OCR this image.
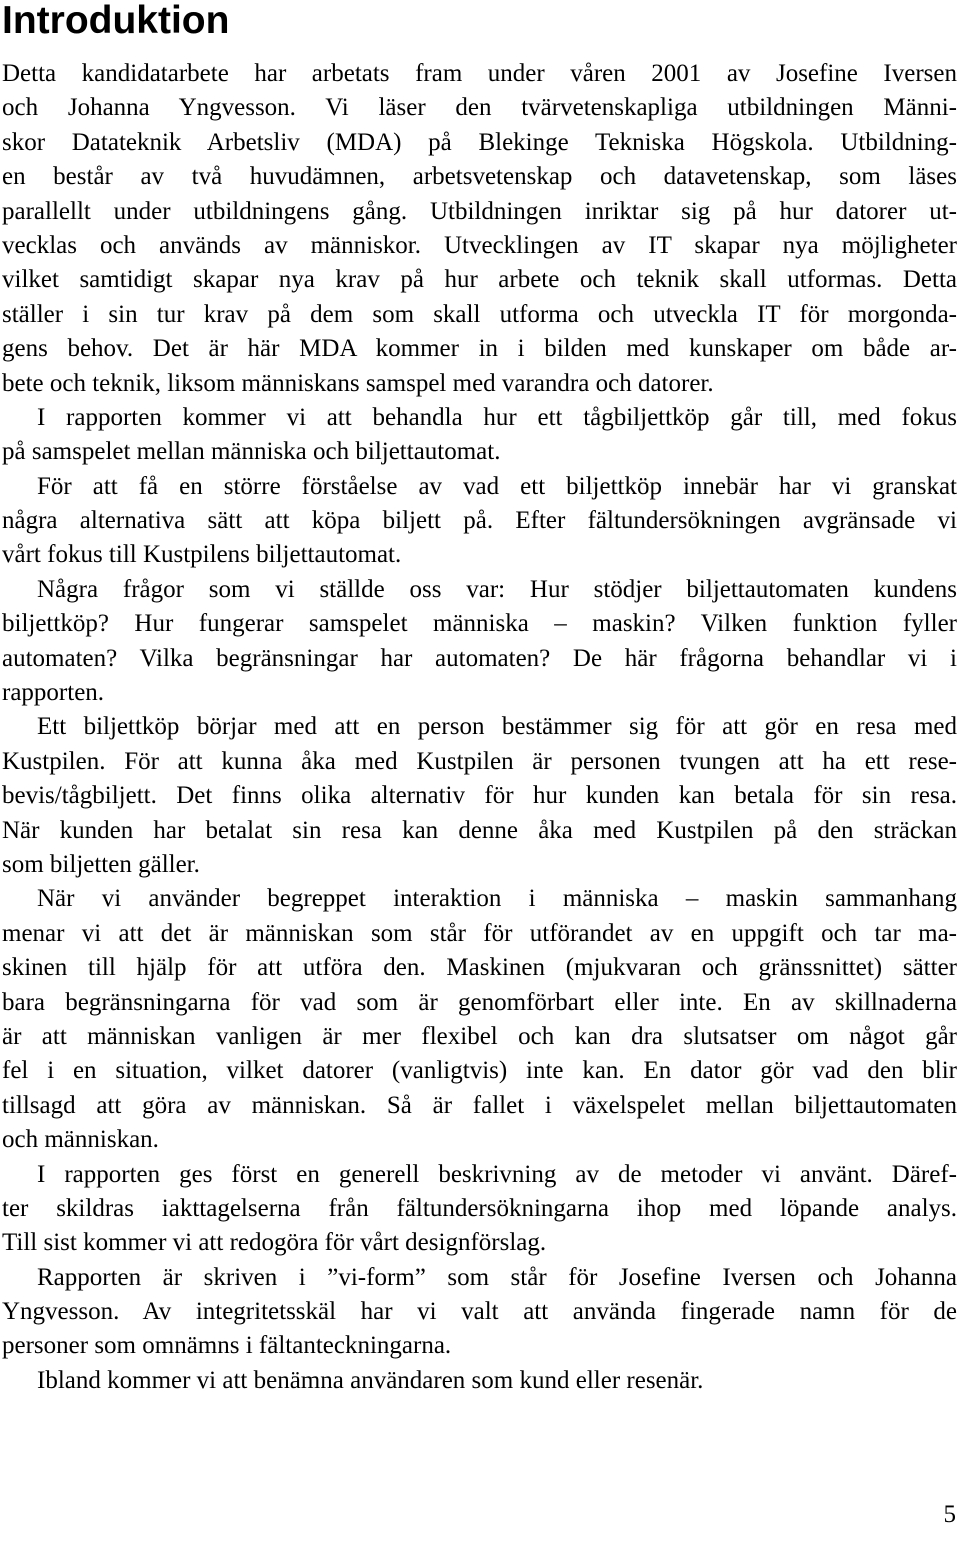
Introduktion
Detta kandidatarbete har arbetats fram under våren 2001 av Josefine Iversen
och Johanna Yngvesson. Vi läser den tvärvetenskapliga utbildningen Männi-
skor Datateknik Arbetsliv (MDA) på Blekinge Tekniska Högskola. Utbildning-
en består av två huvudämnen, arbetsvetenskap och datavetenskap, som läses
parallellt under utbildningens gång. Utbildningen inriktar sig på hur datorer ut-
vecklas och används av människor. Utvecklingen av IT skapar nya möjligheter
vilket samtidigt skapar nya krav på hur arbete och teknik skall utformas. Detta
ställer i sin tur krav på dem som skall utforma och utveckla IT för morgonda-
gens behov. Det är här MDA kommer in i bilden med kunskaper om både ar-
bete och teknik, liksom människans samspel med varandra och datorer.
I rapporten kommer vi att behandla hur ett tågbiljettköp går till, med fokus
på samspelet mellan människa och biljettautomat.
För att få en större förståelse av vad ett biljettköp innebär har vi granskat
några alternativa sätt att köpa biljett på. Efter fältundersökningen avgränsade vi
vårt fokus till Kustpilens biljettautomat.
Några frågor som vi ställde oss var: Hur stödjer biljettautomaten kundens
biljettköp? Hur fungerar samspelet människa – maskin? Vilken funktion fyller
automaten? Vilka begränsningar har automaten? De här frågorna behandlar vi i
rapporten.
Ett biljettköp börjar med att en person bestämmer sig för att gör en resa med
Kustpilen. För att kunna åka med Kustpilen är personen tvungen att ha ett rese-
bevis/tågbiljett. Det finns olika alternativ för hur kunden kan betala för sin resa.
När kunden har betalat sin resa kan denne åka med Kustpilen på den sträckan
som biljetten gäller.
När vi använder begreppet interaktion i människa – maskin sammanhang
menar vi att det är människan som står för utförandet av en uppgift och tar ma-
skinen till hjälp för att utföra den. Maskinen (mjukvaran och gränssnittet) sätter
bara begränsningarna för vad som är genomförbart eller inte. En av skillnaderna
är att människan vanligen är mer flexibel och kan dra slutsatser om något går
fel i en situation, vilket datorer (vanligtvis) inte kan. En dator gör vad den blir
tillsagd att göra av människan. Så är fallet i växelspelet mellan biljettautomaten
och människan.
I rapporten ges först en generell beskrivning av de metoder vi använt. Däref-
ter skildras iakttagelserna från fältundersökningarna ihop med löpande analys.
Till sist kommer vi att redogöra för vårt designförslag.
Rapporten är skriven i ”vi-form” som står för Josefine Iversen och Johanna
Yngvesson. Av integritetsskäl har vi valt att använda fingerade namn för de
personer som omnämns i fältanteckningarna.
Ibland kommer vi att benämna användaren som kund eller resenär.
5
